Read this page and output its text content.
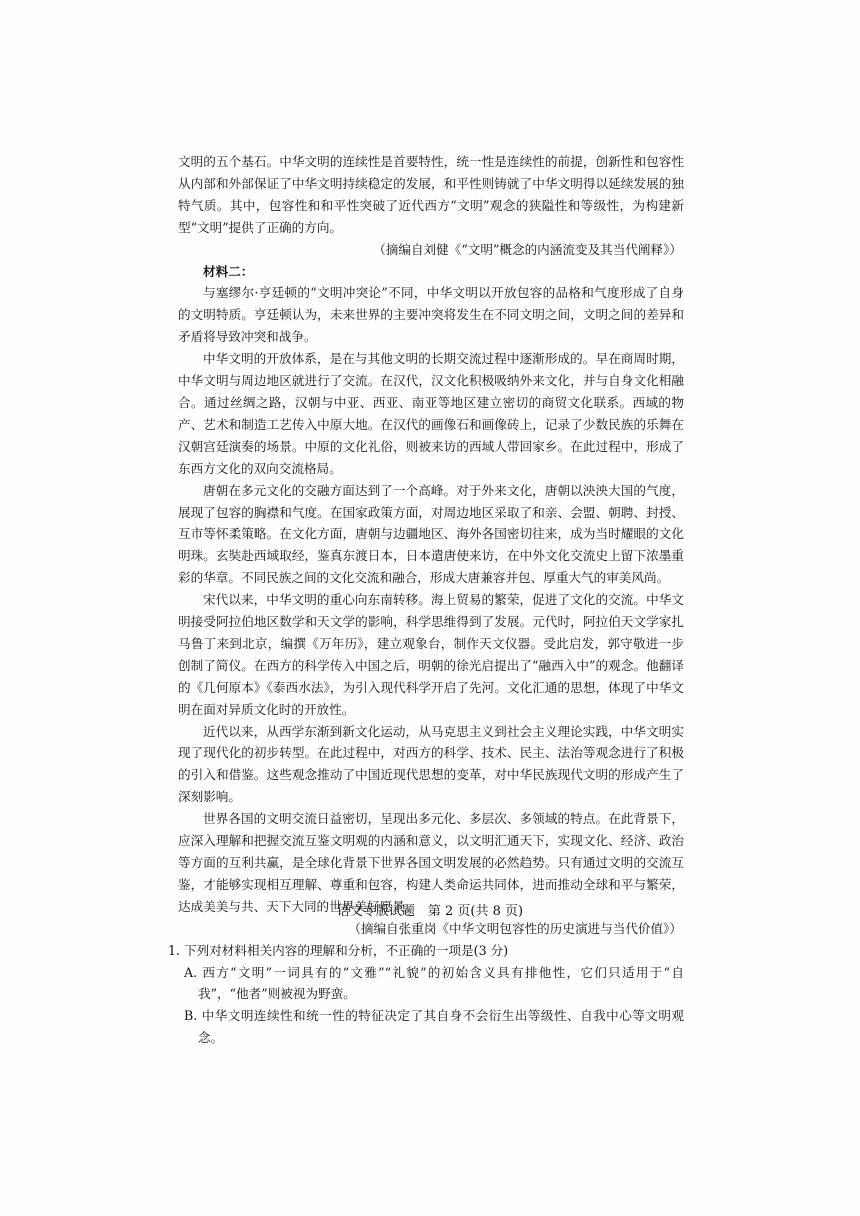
文明的五个基石。中华文明的连续性是首要特性，统一性是连续性的前提，创新性和包容性从内部和外部保证了中华文明持续稳定的发展，和平性则铸就了中华文明得以延续发展的独特气质。其中，包容性和和平性突破了近代西方“文明”观念的狭隘性和等级性，为构建新型“文明”提供了正确的方向。
（摘编自刘健《“文明”概念的内涵流变及其当代阐释》）
材料二：
与塞缪尔·亨廷顿的“文明冲突论”不同，中华文明以开放包容的品格和气度形成了自身的文明特质。亨廷顿认为，未来世界的主要冲突将发生在不同文明之间，文明之间的差异和矛盾将导致冲突和战争。
中华文明的开放体系，是在与其他文明的长期交流过程中逐渐形成的。早在商周时期，中华文明与周边地区就进行了交流。在汉代，汉文化积极吸纳外来文化，并与自身文化相融合。通过丝绸之路，汉朝与中亚、西亚、南亚等地区建立密切的商贸文化联系。西域的物产、艺术和制造工艺传入中原大地。在汉代的画像石和画像砖上，记录了少数民族的乐舞在汉朝宫廷演奏的场景。中原的文化礼俗，则被来访的西域人带回家乡。在此过程中，形成了东西方文化的双向交流格局。
唐朝在多元文化的交融方面达到了一个高峰。对于外来文化，唐朝以泱泱大国的气度，展现了包容的胸襟和气度。在国家政策方面，对周边地区采取了和亲、会盟、朝聘、封授、互市等怀柔策略。在文化方面，唐朝与边疆地区、海外各国密切往来，成为当时耀眼的文化明珠。玄奘赴西域取经，鉴真东渡日本，日本遣唐使来访，在中外文化交流史上留下浓墨重彩的华章。不同民族之间的文化交流和融合，形成大唐兼容并包、厚重大气的审美风尚。
宋代以来，中华文明的重心向东南转移。海上贸易的繁荣，促进了文化的交流。中华文明接受阿拉伯地区数学和天文学的影响，科学思维得到了发展。元代时，阿拉伯天文学家扎马鲁丁来到北京，编撰《万年历》，建立观象台，制作天文仪器。受此启发，郭守敬进一步创制了简仪。在西方的科学传入中国之后，明朝的徐光启提出了“融西入中”的观念。他翻译的《几何原本》《泰西水法》，为引入现代科学开启了先河。文化汇通的思想，体现了中华文明在面对异质文化时的开放性。
近代以来，从西学东渐到新文化运动，从马克思主义到社会主义理论实践，中华文明实现了现代化的初步转型。在此过程中，对西方的科学、技术、民主、法治等观念进行了积极的引入和借鉴。这些观念推动了中国近现代思想的变革，对中华民族现代文明的形成产生了深刻影响。
世界各国的文明交流日益密切，呈现出多元化、多层次、多领域的特点。在此背景下，应深入理解和把握交流互鉴文明观的内涵和意义，以文明汇通天下，实现文化、经济、政治等方面的互利共赢，是全球化背景下世界各国文明发展的必然趋势。只有通过文明的交流互鉴，才能够实现相互理解、尊重和包容，构建人类命运共同体，进而推动全球和平与繁荣，达成美美与共、天下大同的世界美好愿景。
（摘编自张重岗《中华文明包容性的历史演进与当代价值》）
1. 下列对材料相关内容的理解和分析，不正确的一项是(3 分)
A. 西方“文明”一词具有的“文雅”“礼貌”的初始含义具有排他性，它们只适用于“自我”，“他者”则被视为野蛮。
B. 中华文明连续性和统一性的特征决定了其自身不会衍生出等级性、自我中心等文明观念。
语文专版试题　第 2 页(共 8 页)
